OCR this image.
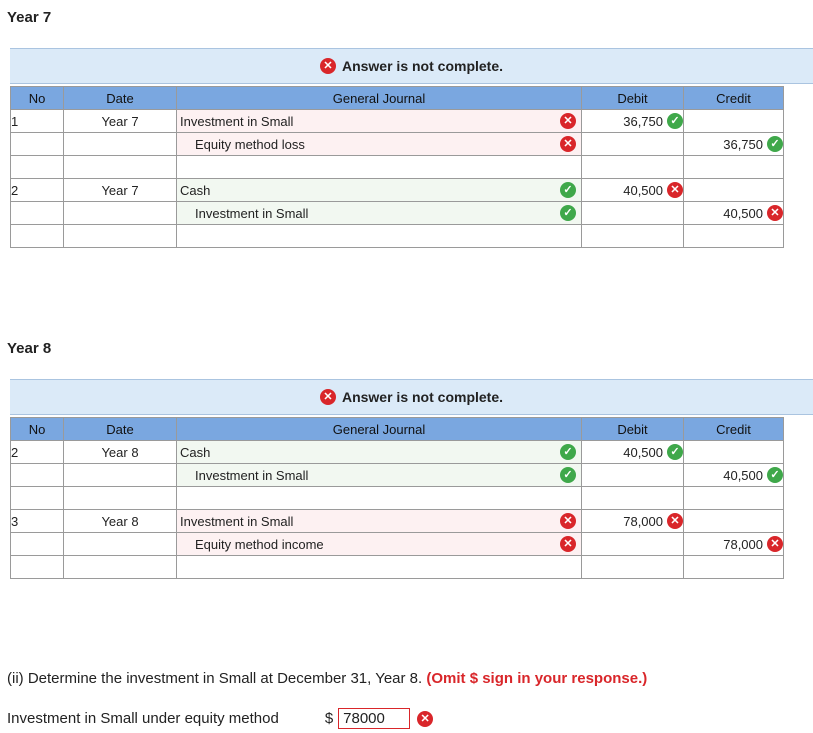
Year 7
✕ Answer is not complete.
No	Date	General Journal	Debit	Credit
1	Year 7	Investment in Small ✕	36,750 ✓	
		Equity method loss ✕		36,750 ✓

2	Year 7	Cash ✓	40,500 ✕	
		Investment in Small ✓		40,500 ✕

Year 8
✕ Answer is not complete.
No	Date	General Journal	Debit	Credit
2	Year 8	Cash ✓	40,500 ✓	
		Investment in Small ✓		40,500 ✓

3	Year 8	Investment in Small ✕	78,000 ✕	
		Equity method income ✕		78,000 ✕

(ii) Determine the investment in Small at December 31, Year 8. (Omit $ sign in your response.)
Investment in Small under equity method	$ 78000	✕
